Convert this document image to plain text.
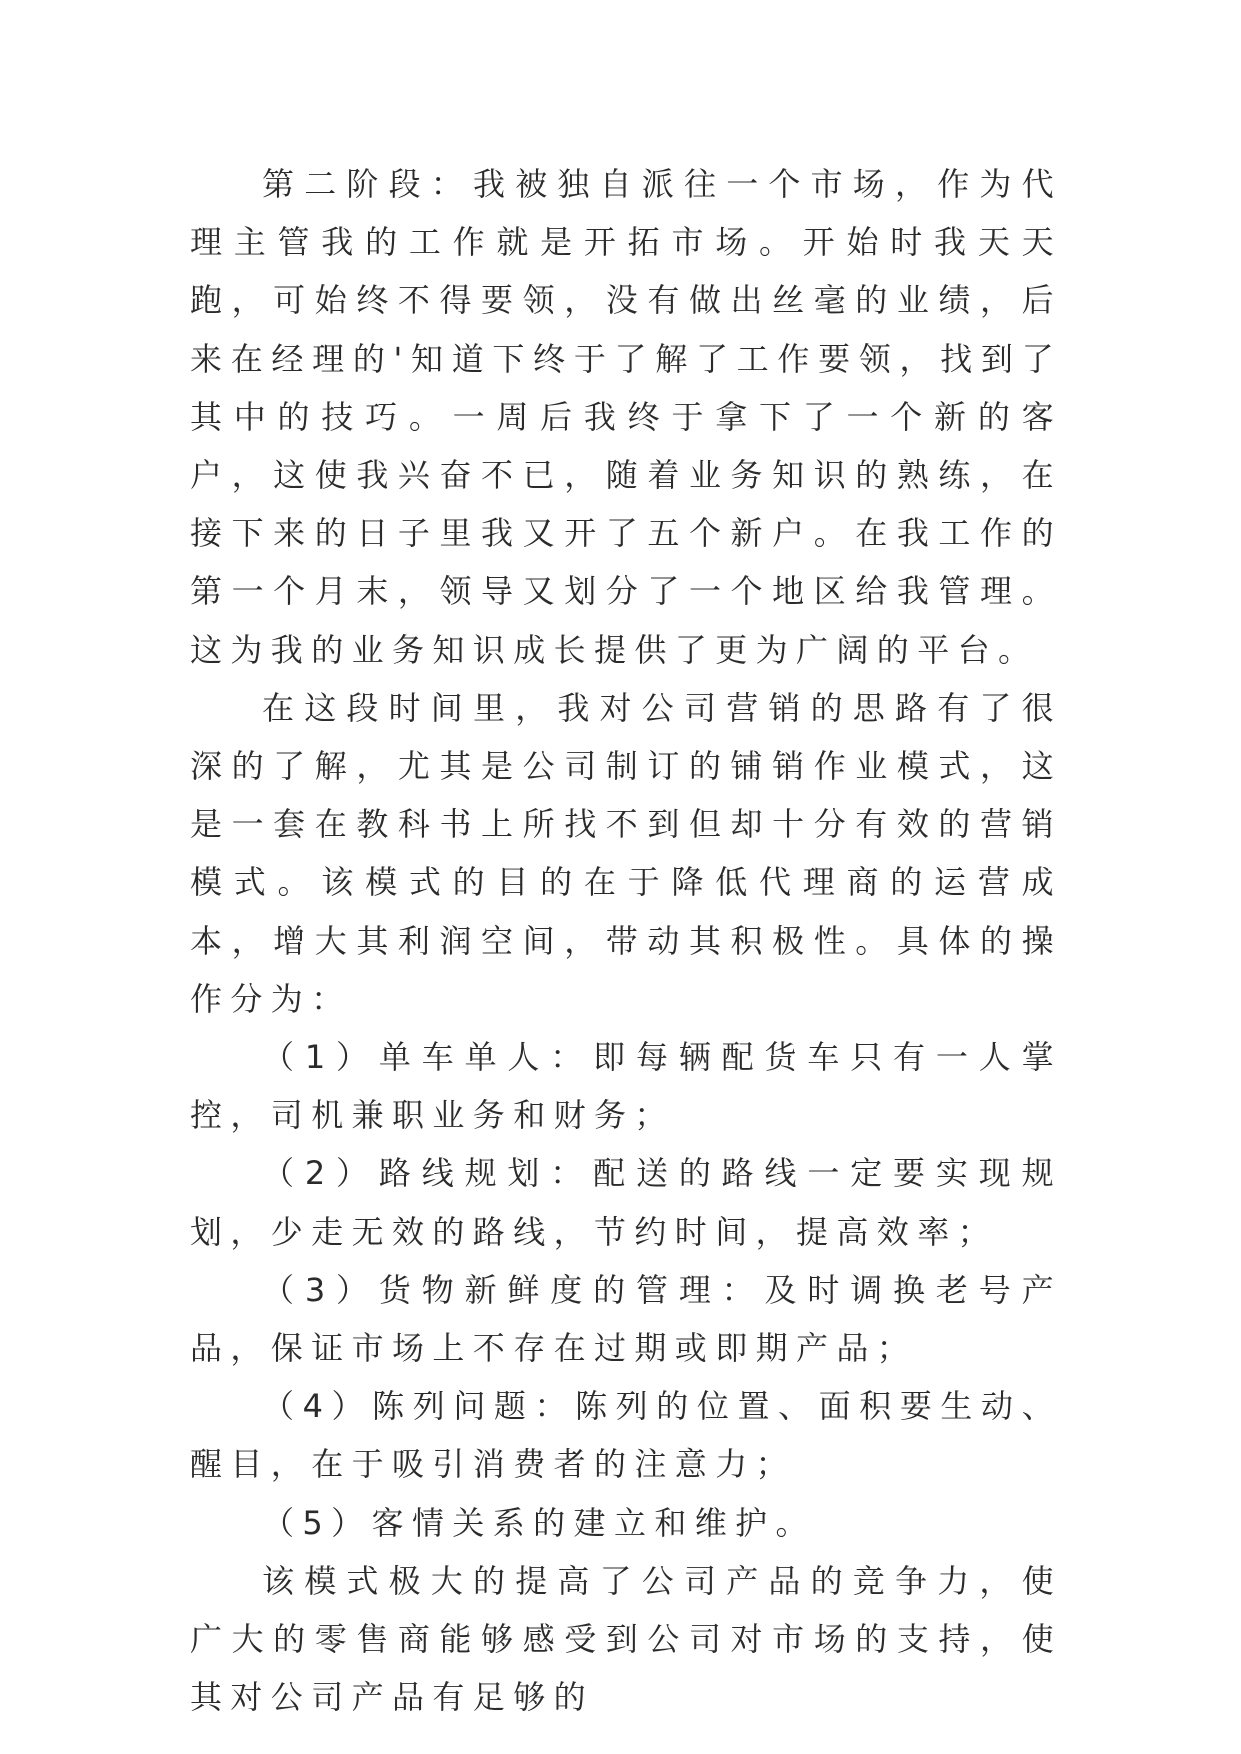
第二阶段：我被独自派往一个市场，作为代理主管我的工作就是开拓市场。开始时我天天跑，可始终不得要领，没有做出丝毫的业绩，后来在经理的'知道下终于了解了工作要领，找到了其中的技巧。一周后我终于拿下了一个新的客户，这使我兴奋不已，随着业务知识的熟练，在接下来的日子里我又开了五个新户。在我工作的第一个月末，领导又划分了一个地区给我管理。这为我的业务知识成长提供了更为广阔的平台。

在这段时间里，我对公司营销的思路有了很深的了解，尤其是公司制订的铺销作业模式，这是一套在教科书上所找不到但却十分有效的营销模式。该模式的目的在于降低代理商的运营成本，增大其利润空间，带动其积极性。具体的操作分为：

（1）单车单人：即每辆配货车只有一人掌控，司机兼职业务和财务；

（2）路线规划：配送的路线一定要实现规划，少走无效的路线，节约时间，提高效率；

（3）货物新鲜度的管理：及时调换老号产品，保证市场上不存在过期或即期产品；

（4）陈列问题：陈列的位置、面积要生动、醒目，在于吸引消费者的注意力；

（5）客情关系的建立和维护。

该模式极大的提高了公司产品的竞争力，使广大的零售商能够感受到公司对市场的支持，使其对公司产品有足够的
